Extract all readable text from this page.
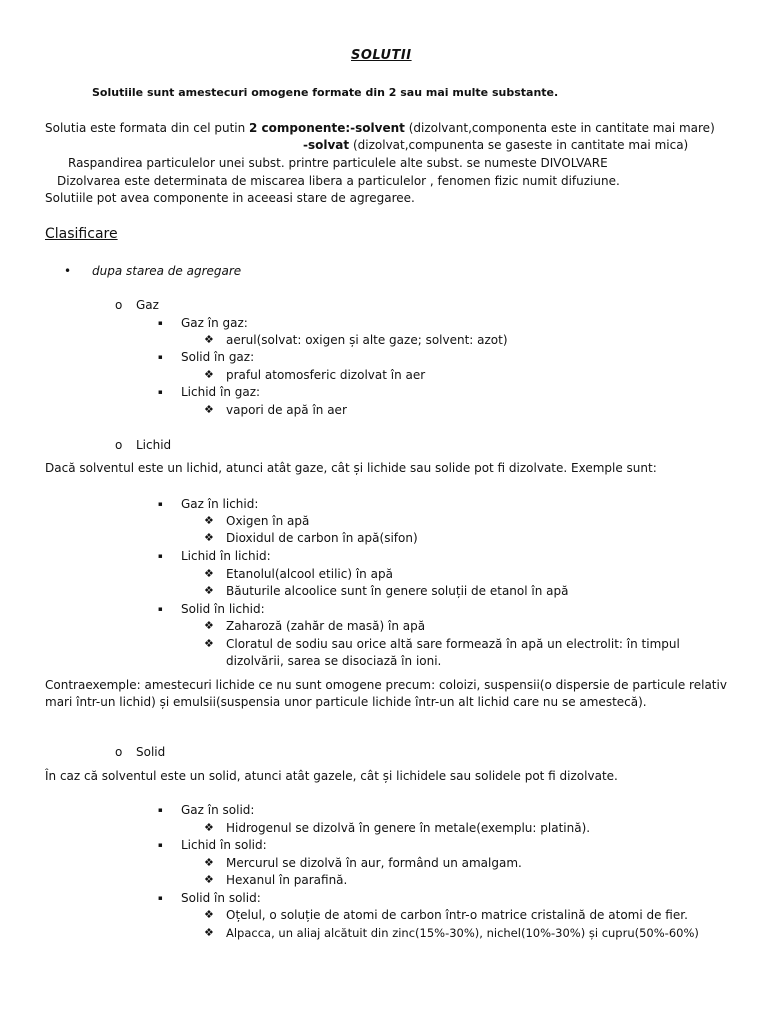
SOLUTII
Solutiile sunt amestecuri omogene formate din 2 sau mai multe substante.
Solutia este formata din cel putin 2 componente:-solvent (dizolvant,componenta este in cantitate mai mare)
-solvat (dizolvat,compunenta se gaseste in cantitate mai mica)
Raspandirea particulelor unei subst. printre particulele alte subst. se numeste DIVOLVARE
Dizolvarea este determinata de miscarea libera a particulelor , fenomen fizic numit difuziune.
Solutiile pot avea componente in aceeasi stare de agregaree.
Clasificare
• dupa starea de agregare
o Gaz
▪ Gaz în gaz:
❖ aerul(solvat: oxigen și alte gaze; solvent: azot)
▪ Solid în gaz:
❖ praful atomosferic dizolvat în aer
▪ Lichid în gaz:
❖ vapori de apă în aer
o Lichid
Dacă solventul este un lichid, atunci atât gaze, cât și lichide sau solide pot fi dizolvate. Exemple sunt:
▪ Gaz în lichid:
❖ Oxigen în apă
❖ Dioxidul de carbon în apă(sifon)
▪ Lichid în lichid:
❖ Etanolul(alcool etilic) în apă
❖ Băuturile alcoolice sunt în genere soluții de etanol în apă
▪ Solid în lichid:
❖ Zaharoză (zahăr de masă) în apă
❖ Cloratul de sodiu sau orice altă sare formează în apă un electrolit: în timpul
dizolvării, sarea se disociază în ioni.
Contraexemple: amestecuri lichide ce nu sunt omogene precum: coloizi, suspensii(o dispersie de particule relativ
mari într-un lichid) și emulsii(suspensia unor particule lichide într-un alt lichid care nu se amestecă).
o Solid
În caz că solventul este un solid, atunci atât gazele, cât și lichidele sau solidele pot fi dizolvate.
▪ Gaz în solid:
❖ Hidrogenul se dizolvă în genere în metale(exemplu: platină).
▪ Lichid în solid:
❖ Mercurul se dizolvă în aur, formând un amalgam.
❖ Hexanul în parafină.
▪ Solid în solid:
❖ Oțelul, o soluție de atomi de carbon într-o matrice cristalină de atomi de fier.
❖ Alpacca, un aliaj alcătuit din zinc(15%-30%), nichel(10%-30%) și cupru(50%-60%)
